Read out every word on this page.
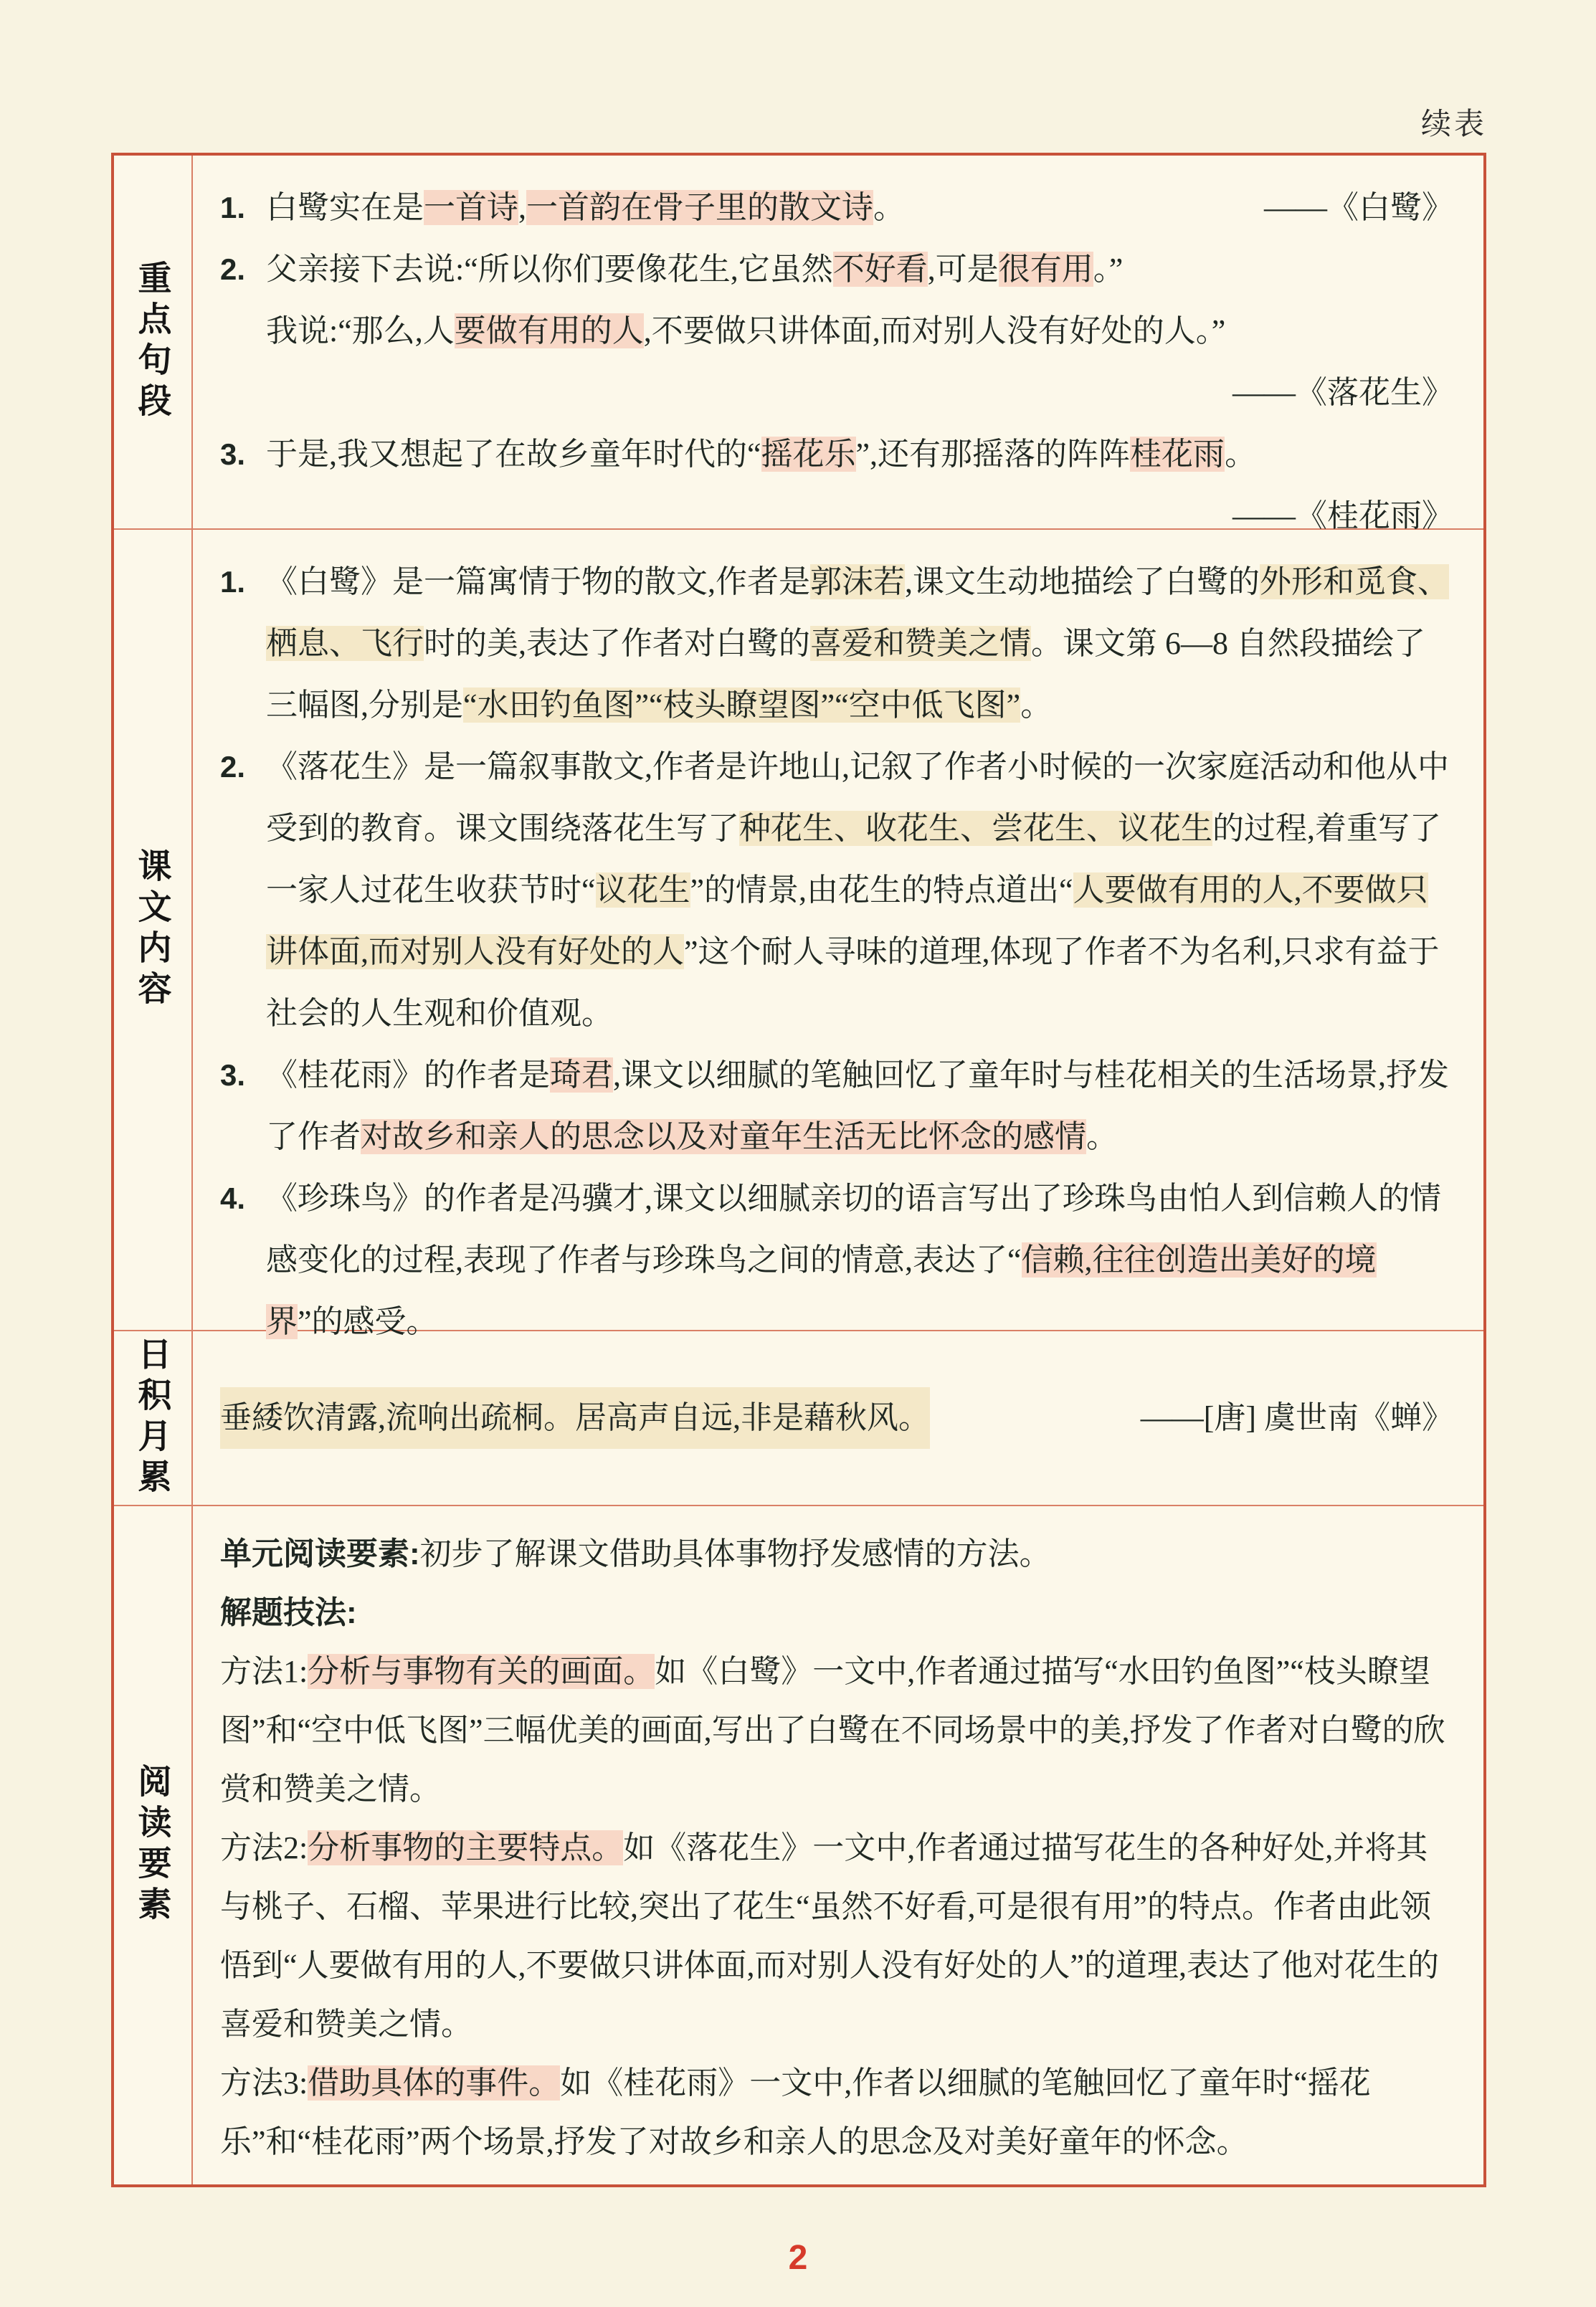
续表
重点句段
——《白鹭》
1. 白鹭实在是一首诗,一首韵在骨子里的散文诗。
2. 父亲接下去说:“所以你们要像花生,它虽然不好看,可是很有用。”
我说:“那么,人要做有用的人,不要做只讲体面,而对别人没有好处的人。”
——《落花生》
3. 于是,我又想起了在故乡童年时代的“摇花乐”,还有那摇落的阵阵桂花雨。
——《桂花雨》
课文内容
1. 《白鹭》是一篇寓情于物的散文,作者是郭沫若,课文生动地描绘了白鹭的外形和觅食、栖息、飞行时的美,表达了作者对白鹭的喜爱和赞美之情。课文第 6—8 自然段描绘了三幅图,分别是“水田钓鱼图”“枝头瞭望图”“空中低飞图”。
2. 《落花生》是一篇叙事散文,作者是许地山,记叙了作者小时候的一次家庭活动和他从中受到的教育。课文围绕落花生写了种花生、收花生、尝花生、议花生的过程,着重写了一家人过花生收获节时“议花生”的情景,由花生的特点道出“人要做有用的人,不要做只讲体面,而对别人没有好处的人”这个耐人寻味的道理,体现了作者不为名利,只求有益于社会的人生观和价值观。
3. 《桂花雨》的作者是琦君,课文以细腻的笔触回忆了童年时与桂花相关的生活场景,抒发了作者对故乡和亲人的思念以及对童年生活无比怀念的感情。
4. 《珍珠鸟》的作者是冯骥才,课文以细腻亲切的语言写出了珍珠鸟由怕人到信赖人的情感变化的过程,表现了作者与珍珠鸟之间的情意,表达了“信赖,往往创造出美好的境界”的感受。
日积月累 垂緌饮清露,流响出疏桐。居高声自远,非是藉秋风。	——[唐] 虞世南《蝉》
阅读要素
单元阅读要素:初步了解课文借助具体事物抒发感情的方法。
解题技法:
方法1:分析与事物有关的画面。如《白鹭》一文中,作者通过描写“水田钓鱼图”“枝头瞭望图”和“空中低飞图”三幅优美的画面,写出了白鹭在不同场景中的美,抒发了作者对白鹭的欣赏和赞美之情。
方法2:分析事物的主要特点。如《落花生》一文中,作者通过描写花生的各种好处,并将其与桃子、石榴、苹果进行比较,突出了花生“虽然不好看,可是很有用”的特点。作者由此领悟到“人要做有用的人,不要做只讲体面,而对别人没有好处的人”的道理,表达了他对花生的喜爱和赞美之情。
方法3:借助具体的事件。如《桂花雨》一文中,作者以细腻的笔触回忆了童年时“摇花乐”和“桂花雨”两个场景,抒发了对故乡和亲人的思念及对美好童年的怀念。
2
